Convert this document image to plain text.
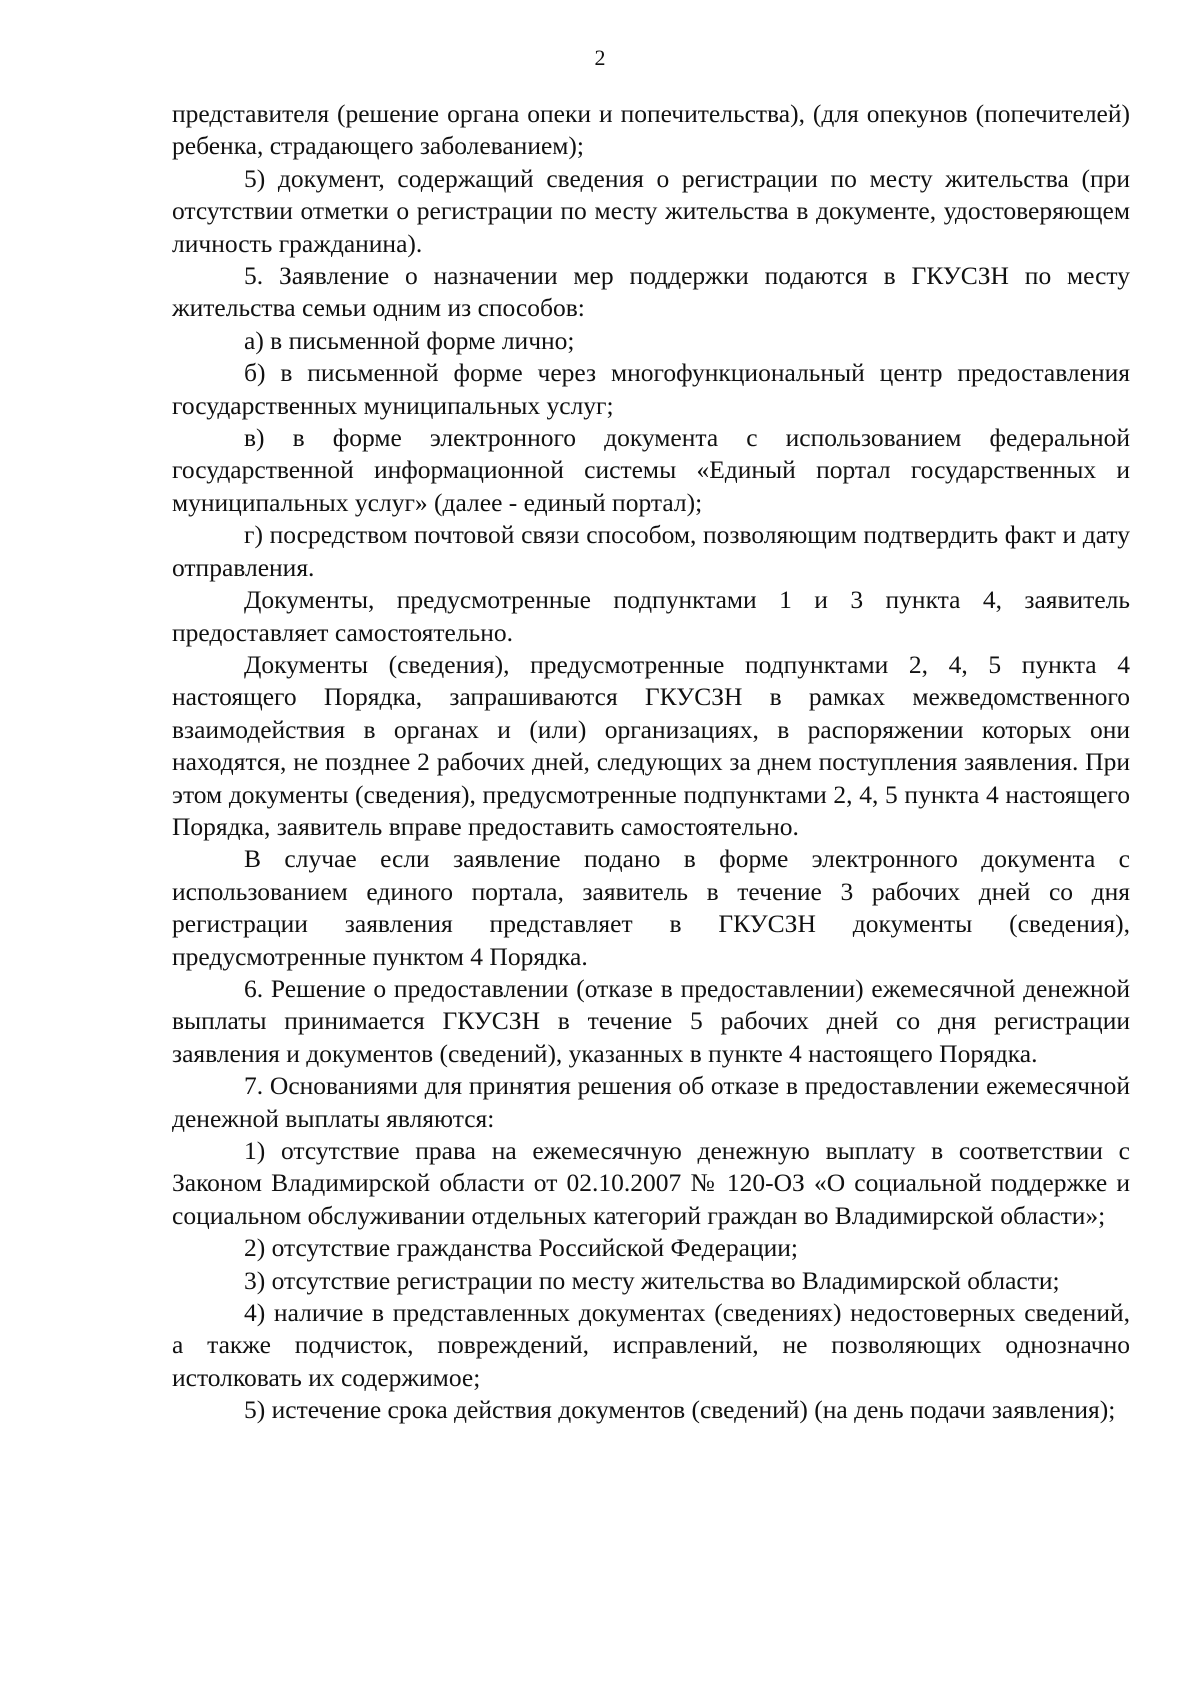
2

представителя (решение органа опеки и попечительства), (для опекунов (попечителей) ребенка, страдающего заболеванием);

5) документ, содержащий сведения о регистрации по месту жительства (при отсутствии отметки о регистрации по месту жительства в документе, удостоверяющем личность гражданина).

5. Заявление о назначении мер поддержки подаются в ГКУСЗН по месту жительства семьи одним из способов:

а) в письменной форме лично;

б) в письменной форме через многофункциональный центр предоставления государственных муниципальных услуг;

в) в форме электронного документа с использованием федеральной государственной информационной системы «Единый портал государственных и муниципальных услуг» (далее - единый портал);

г) посредством почтовой связи способом, позволяющим подтвердить факт и дату отправления.

Документы, предусмотренные подпунктами 1 и 3 пункта 4, заявитель предоставляет самостоятельно.

Документы (сведения), предусмотренные подпунктами 2, 4, 5 пункта 4 настоящего Порядка, запрашиваются ГКУСЗН в рамках межведомственного взаимодействия в органах и (или) организациях, в распоряжении которых они находятся, не позднее 2 рабочих дней, следующих за днем поступления заявления. При этом документы (сведения), предусмотренные подпунктами 2, 4, 5 пункта 4 настоящего Порядка, заявитель вправе предоставить самостоятельно.

В случае если заявление подано в форме электронного документа с использованием единого портала, заявитель в течение 3 рабочих дней со дня регистрации заявления представляет в ГКУСЗН документы (сведения), предусмотренные пунктом 4 Порядка.

6. Решение о предоставлении (отказе в предоставлении) ежемесячной денежной выплаты принимается ГКУСЗН в течение 5 рабочих дней со дня регистрации заявления и документов (сведений), указанных в пункте 4 настоящего Порядка.

7. Основаниями для принятия решения об отказе в предоставлении ежемесячной денежной выплаты являются:

1) отсутствие права на ежемесячную денежную выплату в соответствии с Законом Владимирской области от 02.10.2007 № 120-ОЗ «О социальной поддержке и социальном обслуживании отдельных категорий граждан во Владимирской области»;

2) отсутствие гражданства Российской Федерации;

3) отсутствие регистрации по месту жительства во Владимирской области;

4) наличие в представленных документах (сведениях) недостоверных сведений, а также подчисток, повреждений, исправлений, не позволяющих однозначно истолковать их содержимое;

5) истечение срока действия документов (сведений) (на день подачи заявления);
